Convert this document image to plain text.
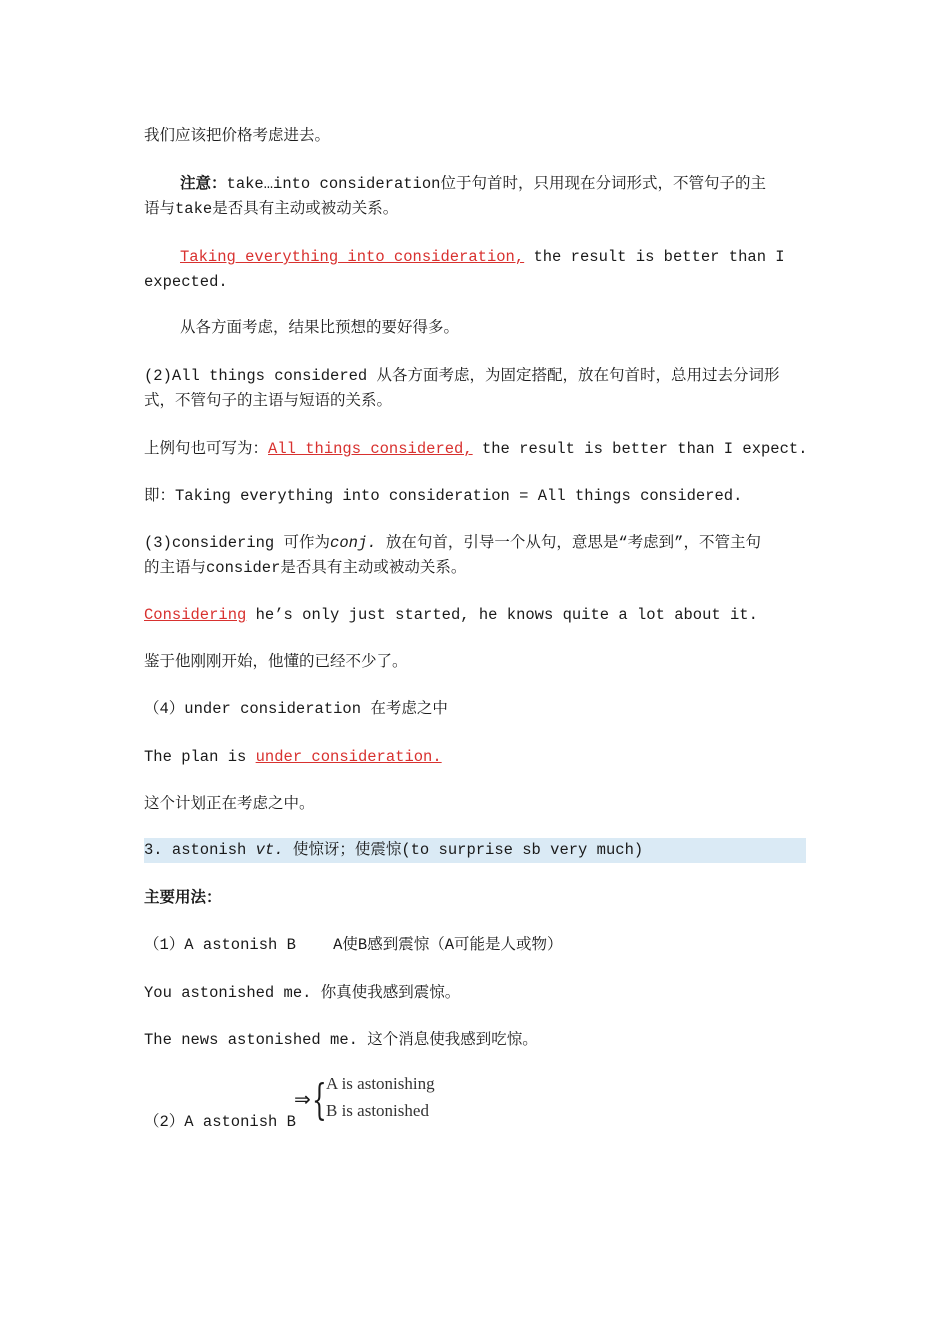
我们应该把价格考虑进去。
注意：take…into consideration位于句首时，只用现在分词形式，不管句子的主
语与take是否具有主动或被动关系。
Taking everything into consideration, the result is better than I
expected.
从各方面考虑，结果比预想的要好得多。
(2)All things considered 从各方面考虑，为固定搭配，放在句首时，总用过去分词形
式，不管句子的主语与短语的关系。
上例句也可写为：All things considered, the result is better than I expect.
即：Taking everything into consideration = All things considered.
(3)considering 可作为conj. 放在句首，引导一个从句，意思是“考虑到”，不管主句
的主语与consider是否具有主动或被动关系。
Considering he’s only just started, he knows quite a lot about it.
鉴于他刚刚开始，他懂的已经不少了。
（4）under consideration 在考虑之中
The plan is under consideration.
这个计划正在考虑之中。
3. astonish vt. 使惊讶；使震惊(to surprise sb very much)
主要用法：
（1）A astonish B    A使B感到震惊（A可能是人或物）
You astonished me. 你真使我感到震惊。
The news astonished me. 这个消息使我感到吃惊。
（2）A astonish B
⇒ { A is astonishing
B is astonished
